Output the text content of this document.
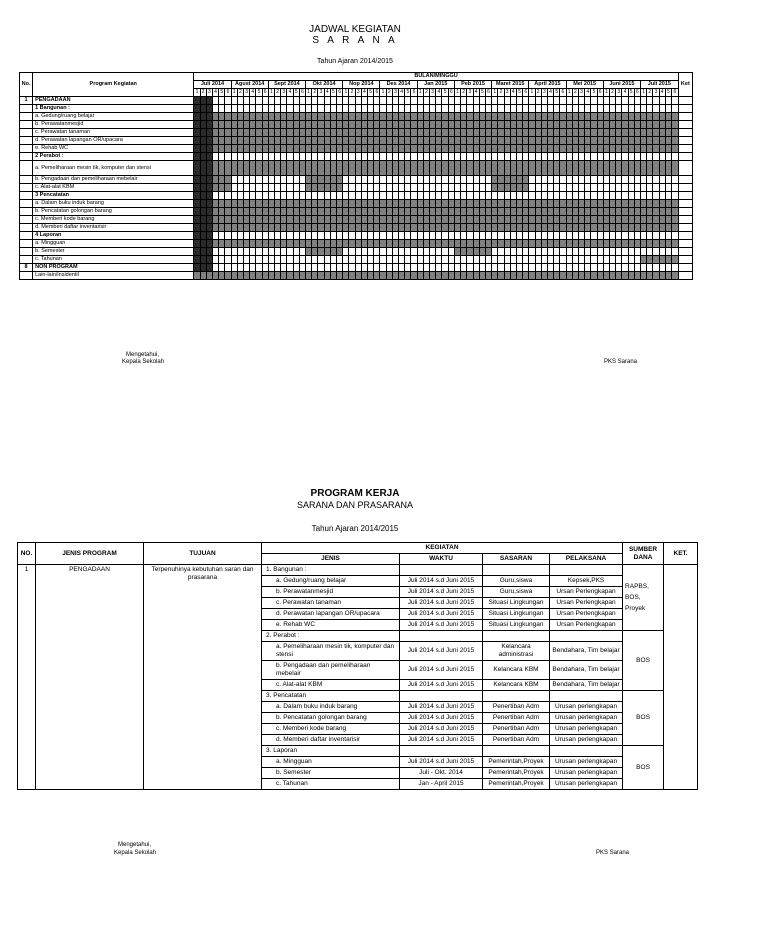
JADWAL KEGIATAN
S A R A N A
Tahun Ajaran 2014/2015
No.	Program Kegiatan	BULAN/MINGGU	Ket
Juli 2014	Agust 2014	Sept 2014	Okt 2014	Nop 2014	Des 2014	Jan 2015	Peb 2015	Maret 2015	April 2015	Mei 2015	Juni 2015	Juli 2015
1	2	3	4	5	6	1	2	3	4	5	6	1	2	3	4	5	6	1	2	3	4	5	6	1	2	3	4	5	6	1	2	3	4	5	6	1	2	3	4	5	6	1	2	3	4	5	6	1	2	3	4	5	6	1	2	3	4	5	6	1	2	3	4	5	6	1	2	3	4	5	6	1	2	3	4	5	6
1	PENGADAAN																																																																															
	1 Bangunan :																																																																															
	a. Gedung/ruang belajar																																																																															
	b. Perawatanmesjid																																																																															
	c. Perawatan tanaman																																																																															
	d. Perawatan lapangan OR/upacara																																																																															
	e. Rehab WC																																																																															
	2 Perabot :																																																																															
	a. Pemeliharaan mesin tik, komputer dan stensi																																																																															
	b. Pengadaan dan pemeliharaan mebelair																																																																															
	c. Alat-alat KBM																																																																															
	3 Pencatatan																																																																															
	a. Dalam buku induk barang																																																																															
	b. Pencatatan golongan barang																																																																															
	c. Memberi kode barang																																																																															
	d. Memberi daftar inventarisir																																																																															
	4 Laporan																																																																															
	a. Mingguan																																																																															
	b. Semester																																																																															
	c. Tahunan																																																																															
8	NON PROGRAM																																																																															
	Lain-lain/insidentil																																																																															
Mengetahui,
Kepala Sekolah	PKS Sarana
PROGRAM KERJA
SARANA DAN PRASARANA
Tahun Ajaran 2014/2015
NO.	JENIS PROGRAM	TUJUAN	KEGIATAN				SUMBER DANA	KET.
			JENIS	WAKTU	SASARAN	PELAKSANA		
1	PENGADAAN	Terpenuhinya kebutuhan saran dan prasarana	1. Bangunan :				RAPBS,
BOS,
Proyek	

			a. Gedung/ruang belajar	Juli 2014 s.d Juni 2015	Guru,siswa	Kepsek,PKS		
			b. Perawatanmesjid	Juli 2014 s.d Juni 2015	Guru,siswa	Ursan Perlengkapan		
			c. Perawatan tanaman	Juli 2014 s.d Juni 2015	Situasi Lingkungan	Ursan Perlengkapan		
			d. Perawatan lapangan OR/upacara	Juli 2014 s.d Juni 2015	Situasi Lingkungan	Ursan Perlengkapan		
			e. Rehab WC	Juli 2014 s.d Juni 2015	Situasi Lingkungan	Ursan Perlengkapan		
			2. Perabot :				BOS	

			a. Pemeliharaan mesin tik, komputer dan stensi	Juli 2014 s.d Juni 2015	Kelancara administrasi	Bendahara, Tim belajar		
			b. Pengadaan dan pemeliharaan mebelair	Juli 2014 s.d Juni 2015	Kelancara KBM	Bendahara, Tim belajar		
			c. Alat-alat KBM	Juli 2014 s.d Juni 2015	Kelancara KBM	Bendahara, Tim belajar		
			3. Pencatatan				BOS	

			a. Dalam buku induk barang	Juli 2014 s.d Juni 2015	Penertiban Adm	Urusan perlengkapan		
			b. Pencatatan golongan barang	Juli 2014 s.d Juni 2015	Penertiban Adm	Urusan perlengkapan		
			c. Memberi kode barang	Juli 2014 s.d Juni 2015	Penertiban Adm	Urusan perlengkapan		
			d. Memberi daftar inventarisir	Juli 2014 s.d Juni 2015	Penertiban Adm	Urusan perlengkapan		
			3. Laporan				BOS	

			a. Mingguan	Juli 2014 s.d Juni 2015	Pemerintah,Proyek	Urusan perlengkapan		
			b. Semester	Juli - Okt. 2014	Pemerintah,Proyek	Urusan perlengkapan		
			c. Tahunan	Jan - April 2015	Pemerintah,Proyek	Urusan perlengkapan		
Mengetahui,
Kepala Sekolah	PKS Sarana
